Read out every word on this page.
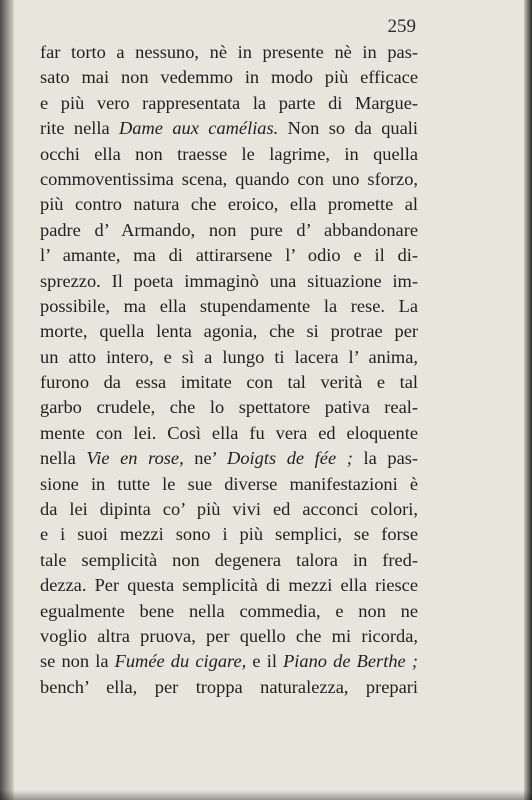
259

far torto a nessuno, nè in presente nè in pas-

sato mai non vedemmo in modo più efficace

e più vero rappresentata la parte di Margue-

rite nella Dame aux camélias. Non so da quali

occhi ella non traesse le lagrime, in quella

commoventissima scena, quando con uno sforzo,

più contro natura che eroico, ella promette al

padre d’ Armando, non pure d’ abbandonare

l’ amante, ma di attirarsene l’ odio e il di-

sprezzo. Il poeta immaginò una situazione im-

possibile, ma ella stupendamente la rese. La

morte, quella lenta agonia, che si protrae per

un atto intero, e sì a lungo ti lacera l’ anima,

furono da essa imitate con tal verità e tal

garbo crudele, che lo spettatore pativa real-

mente con lei. Così ella fu vera ed eloquente

nella Vie en rose, ne’ Doigts de fée ; la pas-

sione in tutte le sue diverse manifestazioni è

da lei dipinta co’ più vivi ed acconci colori,

e i suoi mezzi sono i più semplici, se forse

tale semplicità non degenera talora in fred-

dezza. Per questa semplicità di mezzi ella riesce

egualmente bene nella commedia, e non ne

voglio altra pruova, per quello che mi ricorda,

se non la Fumée du cigare, e il Piano de Berthe ;

bench’ ella, per troppa naturalezza, prepari
